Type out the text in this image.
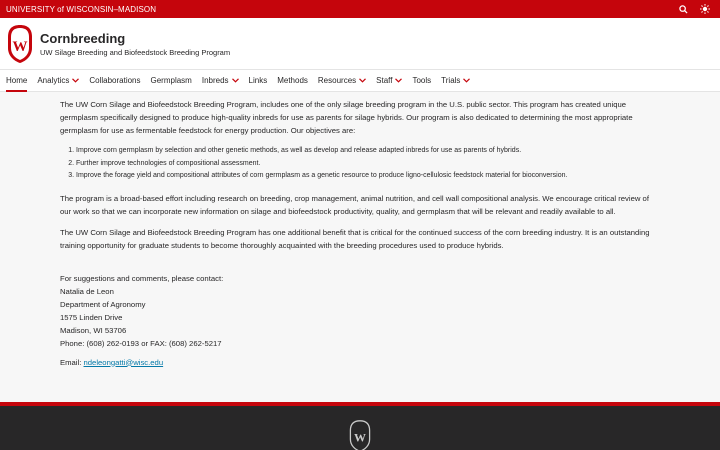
UNIVERSITY of WISCONSIN–MADISON
W
Cornbreeding
UW Silage Breeding and Biofeedstock Breeding Program
Home Analytics	Collaborations Germplasm Inbreds	Links Methods Resources	Staff	Tools Trials

The UW Corn Silage and Biofeedstock Breeding Program, includes one of the only silage breeding program in the U.S. public sector. This program has created unique germplasm specifically designed to produce high-quality inbreds for use as parents for silage hybrids. Our program is also dedicated to determining the most appropriate germplasm for use as fermentable feedstock for energy production. Our objectives are:

1. Improve corn germplasm by selection and other genetic methods, as well as develop and release adapted inbreds for use as parents of hybrids.
2. Further improve technologies of compositional assessment.
3. Improve the forage yield and compositional attributes of corn germplasm as a genetic resource to produce ligno-cellulosic feedstock material for bioconversion.

The program is a broad-based effort including research on breeding, crop management, animal nutrition, and cell wall compositional analysis. We encourage critical review of our work so that we can incorporate new information on silage and biofeedstock productivity, quality, and germplasm that will be relevant and readily available to all.

The UW Corn Silage and Biofeedstock Breeding Program has one additional benefit that is critical for the continued success of the corn breeding industry. It is an outstanding training opportunity for graduate students to become thoroughly acquainted with the breeding procedures used to produce hybrids.

For suggestions and comments, please contact:
Natalia de Leon
Department of Agronomy
1575 Linden Drive
Madison, WI 53706
Phone: (608) 262-0193 or FAX: (608) 262-5217
Email: ndeleongatti@wisc.edu
W
